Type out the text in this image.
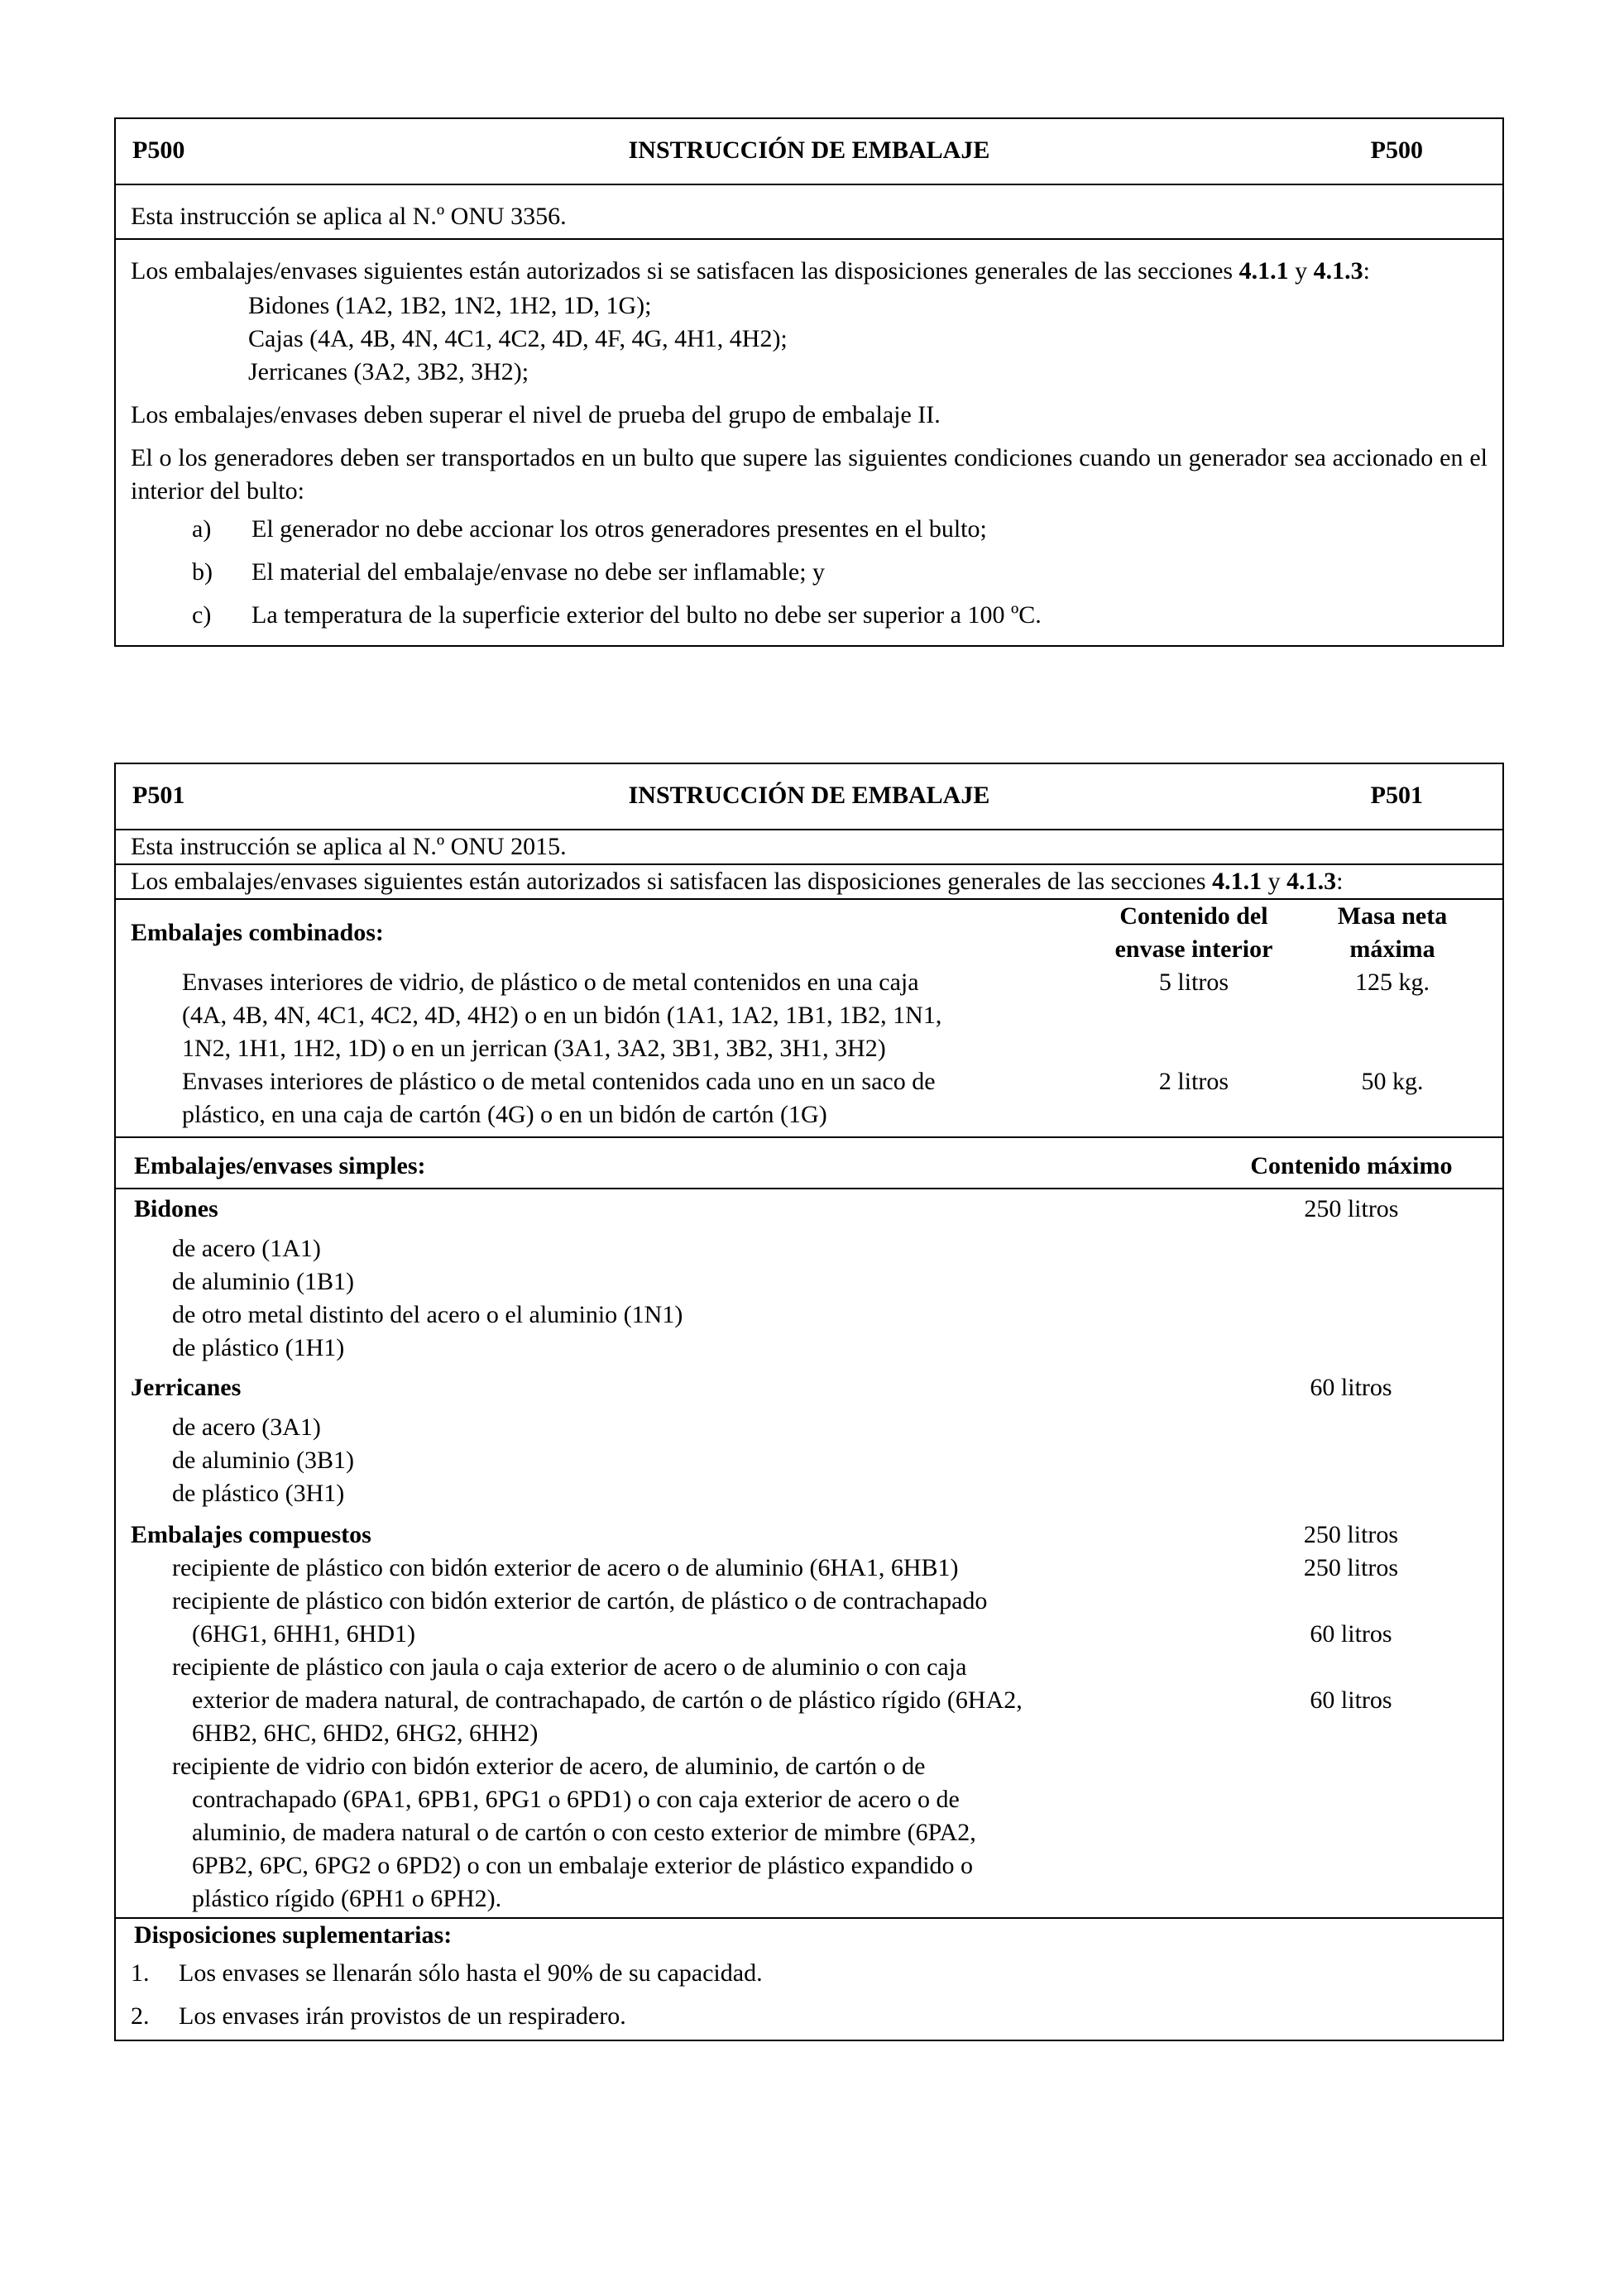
P500	INSTRUCCIÓN DE EMBALAJE	P500

Esta instrucción se aplica al N.º ONU 3356.

Los embalajes/envases siguientes están autorizados si se satisfacen las disposiciones generales de las secciones 4.1.1 y 4.1.3:

Bidones (1A2, 1B2, 1N2, 1H2, 1D, 1G);

Cajas (4A, 4B, 4N, 4C1, 4C2, 4D, 4F, 4G, 4H1, 4H2);

Jerricanes (3A2, 3B2, 3H2);

Los embalajes/envases deben superar el nivel de prueba del grupo de embalaje II.

El o los generadores deben ser transportados en un bulto que supere las siguientes condiciones cuando un generador sea accionado en el interior del bulto:

a)	El generador no debe accionar los otros generadores presentes en el bulto;
b)	El material del embalaje/envase no debe ser inflamable; y
c)	La temperatura de la superficie exterior del bulto no debe ser superior a 100 ºC.
P501	INSTRUCCIÓN DE EMBALAJE	P501

Esta instrucción se aplica al N.º ONU 2015.

Los embalajes/envases siguientes están autorizados si satisfacen las disposiciones generales de las secciones 4.1.1 y 4.1.3:

Embalajes combinados:
Contenido del
envase interior
Masa neta
máxima
Envases interiores de vidrio, de plástico o de metal contenidos en una caja
(4A, 4B, 4N, 4C1, 4C2, 4D, 4H2) o en un bidón (1A1, 1A2, 1B1, 1B2, 1N1,
1N2, 1H1, 1H2, 1D) o en un jerrican (3A1, 3A2, 3B1, 3B2, 3H1, 3H2)
5 litros	125 kg.
Envases interiores de plástico o de metal contenidos cada uno en un saco de
plástico, en una caja de cartón (4G) o en un bidón de cartón (1G)
2 litros	50 kg.
Embalajes/envases simples:	Contenido máximo
Bidones	250 litros
de acero (1A1)
de aluminio (1B1)
de otro metal distinto del acero o el aluminio (1N1)
de plástico (1H1)
Jerricanes	60 litros
de acero (3A1)
de aluminio (3B1)
de plástico (3H1)
Embalajes compuestos	250 litros
recipiente de plástico con bidón exterior de acero o de aluminio (6HA1, 6HB1)	250 litros
recipiente de plástico con bidón exterior de cartón, de plástico o de contrachapado
(6HG1, 6HH1, 6HD1)	60 litros
recipiente de plástico con jaula o caja exterior de acero o de aluminio o con caja
exterior de madera natural, de contrachapado, de cartón o de plástico rígido (6HA2,
6HB2, 6HC, 6HD2, 6HG2, 6HH2)
60 litros
recipiente de vidrio con bidón exterior de acero, de aluminio, de cartón o de
contrachapado (6PA1, 6PB1, 6PG1 o 6PD1) o con caja exterior de acero o de
aluminio, de madera natural o de cartón o con cesto exterior de mimbre (6PA2,
6PB2, 6PC, 6PG2 o 6PD2) o con un embalaje exterior de plástico expandido o
plástico rígido (6PH1 o 6PH2).
Disposiciones suplementarias:
1.	Los envases se llenarán sólo hasta el 90% de su capacidad.
2.	Los envases irán provistos de un respiradero.
